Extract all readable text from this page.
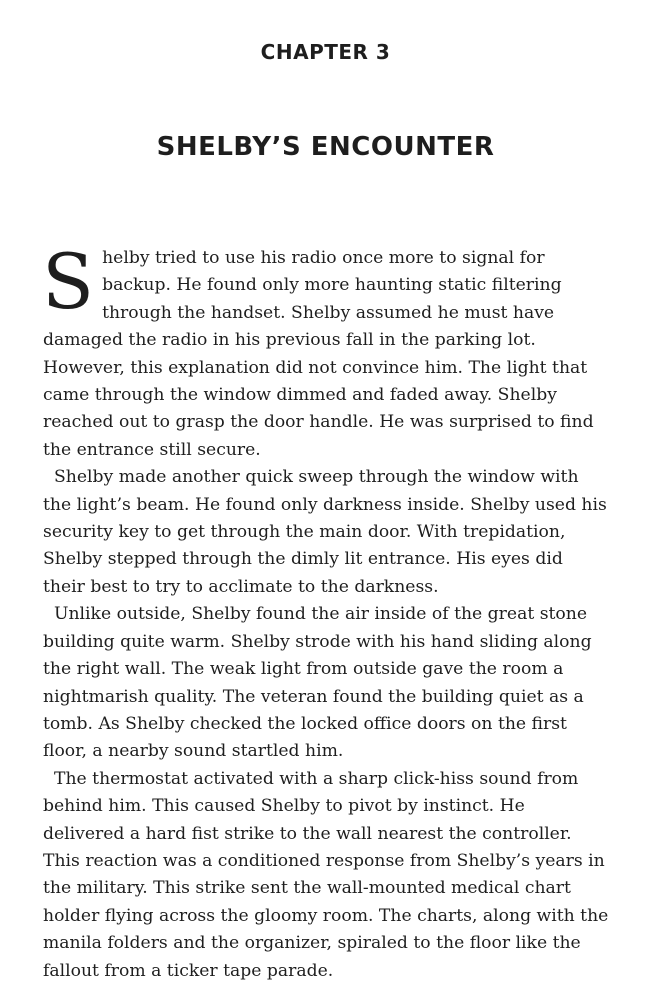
CHAPTER 3
SHELBY’S ENCOUNTER

Shelby tried to use his radio once more to signal for backup. He found only more haunting static filtering through the handset. Shelby assumed he must have damaged the radio in his previous fall in the parking lot. However, this explanation did not convince him. The light that came through the window dimmed and faded away. Shelby reached out to grasp the door handle. He was surprised to find the entrance still secure.

Shelby made another quick sweep through the window with the light’s beam. He found only darkness inside. Shelby used his security key to get through the main door. With trepidation, Shelby stepped through the dimly lit entrance. His eyes did their best to try to acclimate to the darkness.

Unlike outside, Shelby found the air inside of the great stone building quite warm. Shelby strode with his hand sliding along the right wall. The weak light from outside gave the room a nightmarish quality. The veteran found the building quiet as a tomb. As Shelby checked the locked office doors on the first floor, a nearby sound startled him.

The thermostat activated with a sharp click-hiss sound from behind him. This caused Shelby to pivot by instinct. He delivered a hard fist strike to the wall nearest the controller. This reaction was a conditioned response from Shelby’s years in the military. This strike sent the wall-mounted medical chart holder flying across the gloomy room. The charts, along with the manila folders and the organizer, spiraled to the floor like the fallout from a ticker tape parade.
